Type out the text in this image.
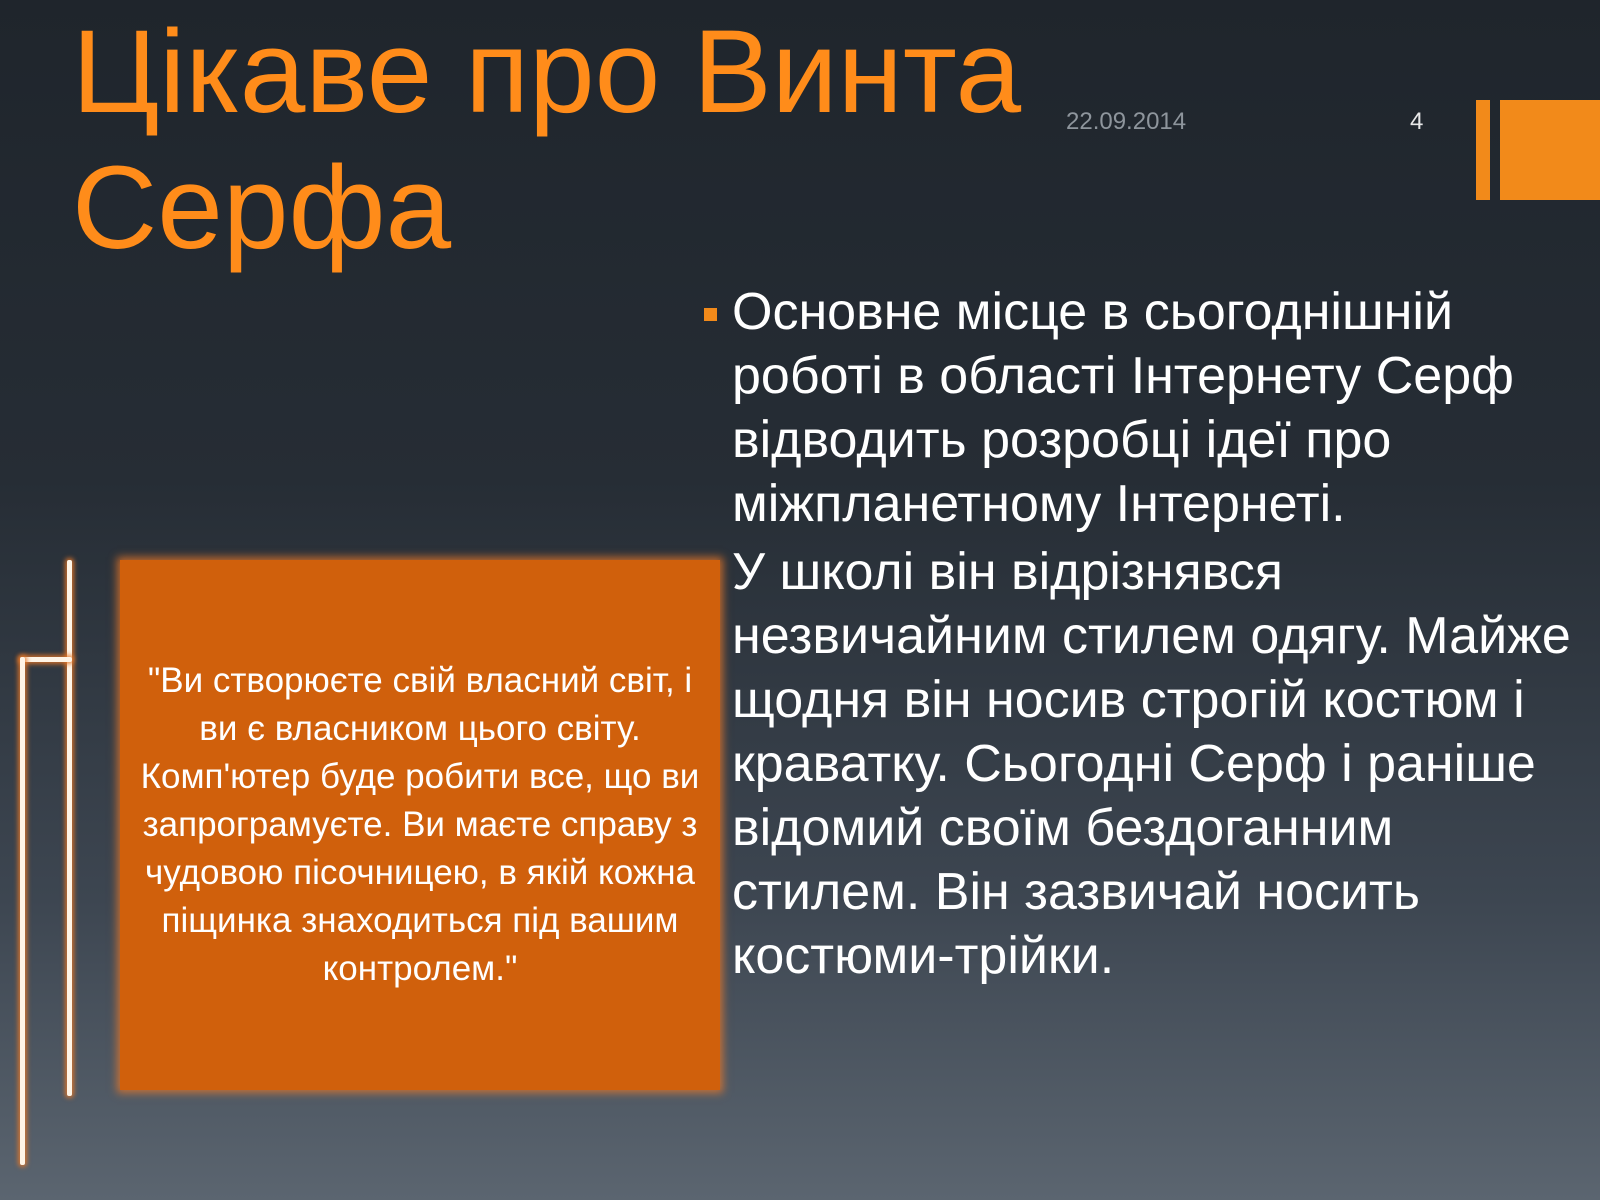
Цікаве про Винта Серфа
22.09.2014	4

"Ви створюєте свій власний світ, і ви є власником цього світу. Комп'ютер буде робити все, що ви запрограмуєте. Ви маєте справу з чудовою пісочницею, в якій кожна піщинка знаходиться під вашим контролем."

Основне місце в сьогоднішній роботі в області Інтернету Серф відводить розробці ідеї про міжпланетному Інтернеті.
У школі він відрізнявся незвичайним стилем одягу. Майже щодня він носив строгій костюм і краватку. Сьогодні Серф і раніше відомий своїм бездоганним стилем. Він зазвичай носить костюми-трійки.
